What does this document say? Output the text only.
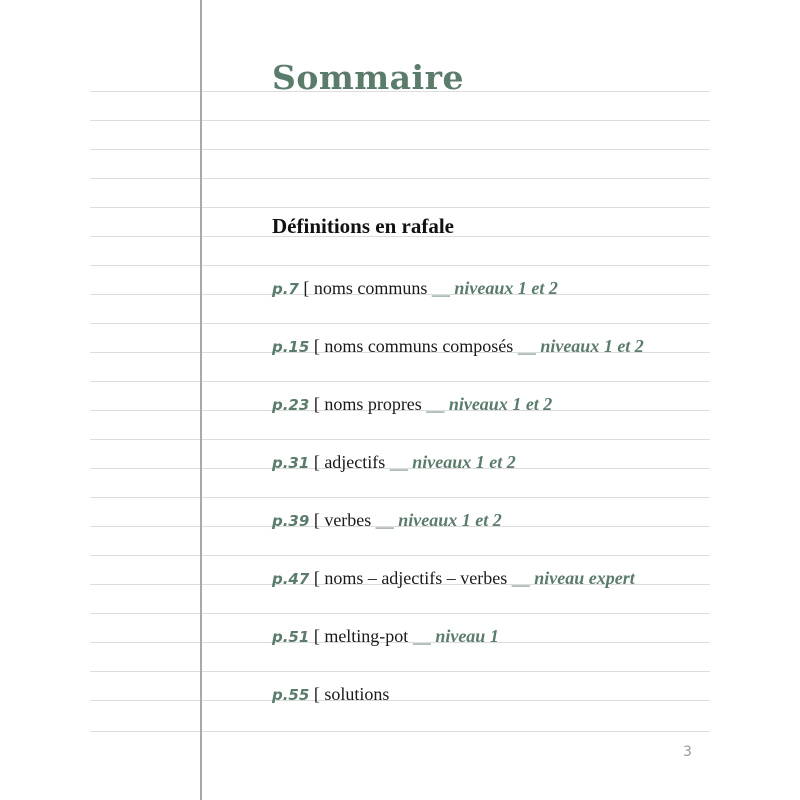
Sommaire
Définitions en rafale
p.7 [ noms communs __ niveaux 1 et 2
p.15 [ noms communs composés __ niveaux 1 et 2
p.23 [ noms propres __ niveaux 1 et 2
p.31 [ adjectifs __ niveaux 1 et 2
p.39 [ verbes __ niveaux 1 et 2
p.47 [ noms – adjectifs – verbes __ niveau expert
p.51 [ melting-pot __ niveau 1
p.55 [ solutions
3
